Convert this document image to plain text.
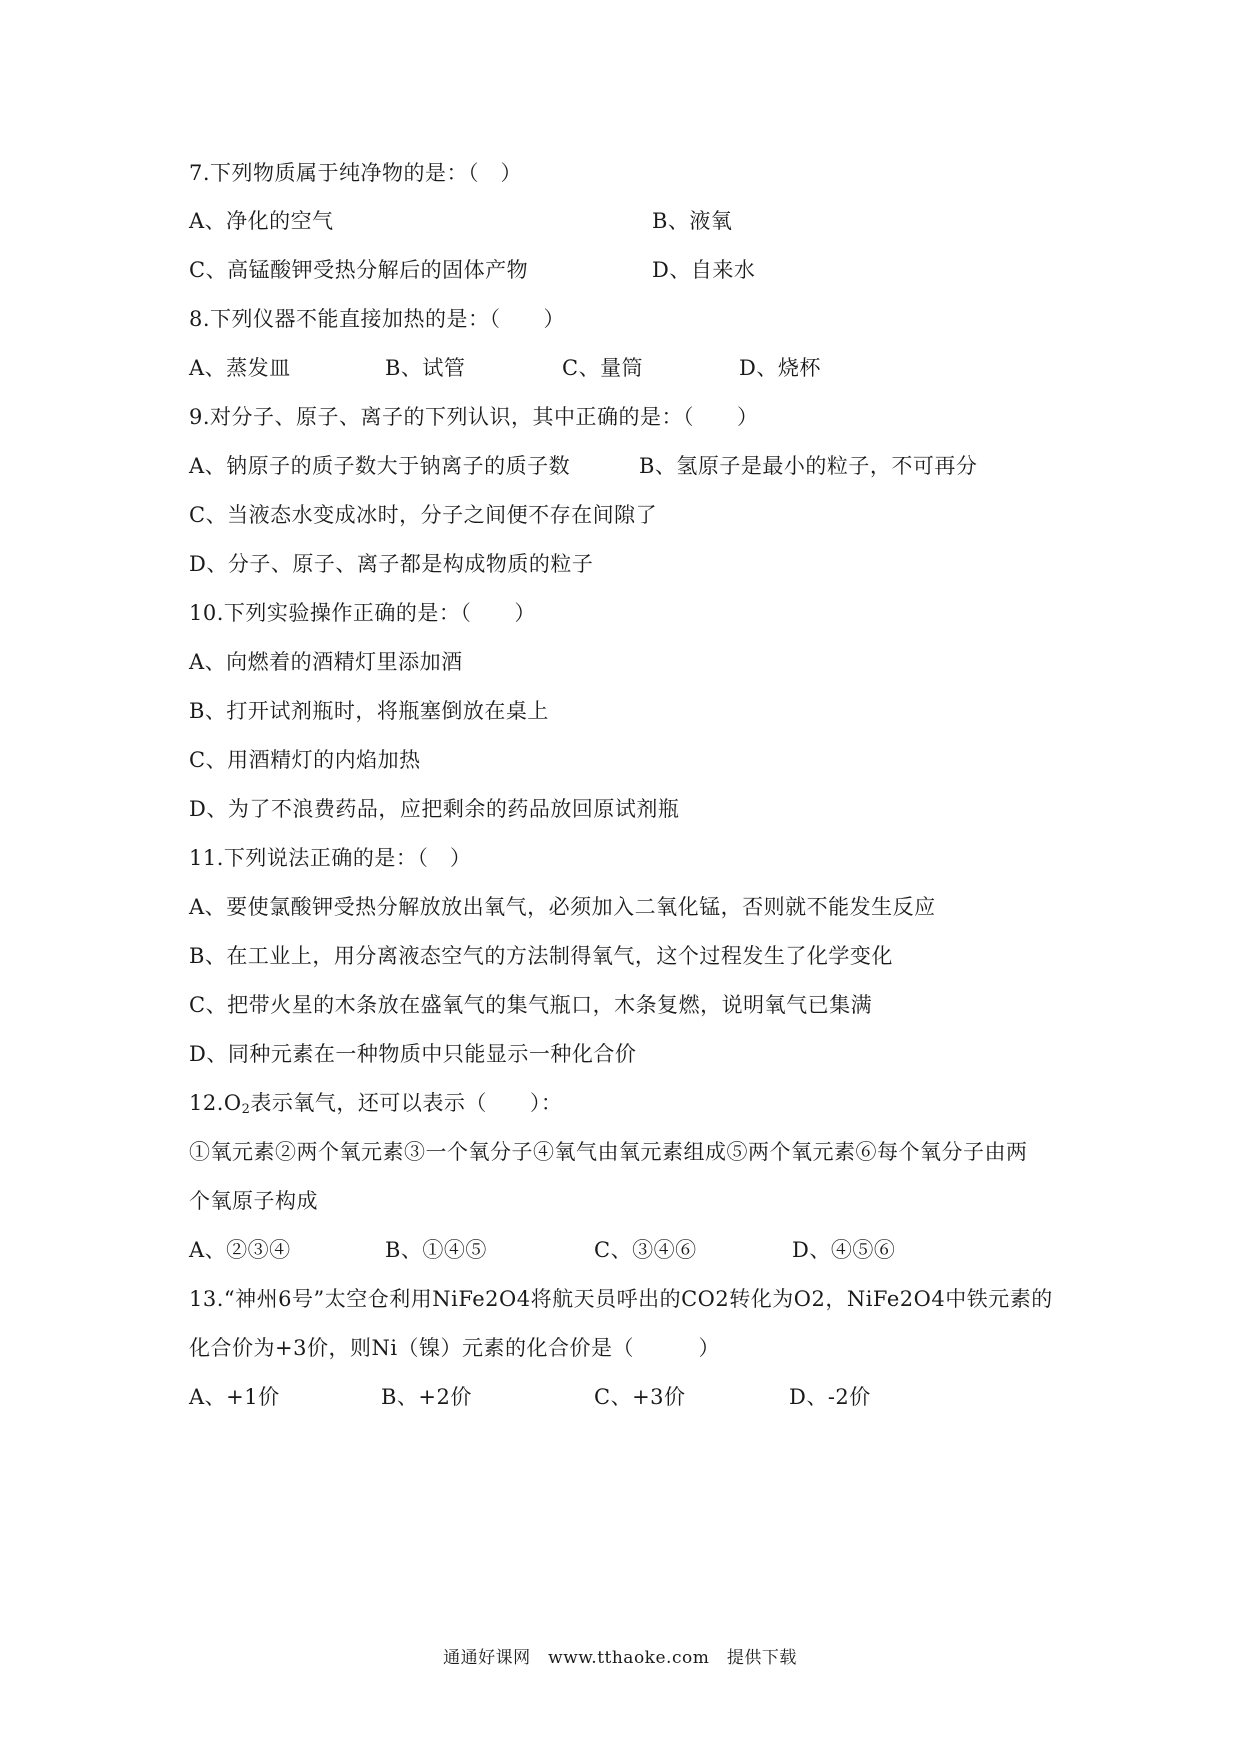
7.下列物质属于纯净物的是：（　）
A、净化的空气	B、液氧
C、高锰酸钾受热分解后的固体产物	D、自来水
8.下列仪器不能直接加热的是：（　　）
A、蒸发皿	B、试管	C、量筒	D、烧杯
9.对分子、原子、离子的下列认识，其中正确的是：（　　）
A、钠原子的质子数大于钠离子的质子数	B、氢原子是最小的粒子，不可再分
C、当液态水变成冰时，分子之间便不存在间隙了
D、分子、原子、离子都是构成物质的粒子
10.下列实验操作正确的是：（　　）
A、向燃着的酒精灯里添加酒
B、打开试剂瓶时，将瓶塞倒放在桌上
C、用酒精灯的内焰加热
D、为了不浪费药品，应把剩余的药品放回原试剂瓶
11.下列说法正确的是：（　）
A、要使氯酸钾受热分解放放出氧气，必须加入二氧化锰，否则就不能发生反应
B、在工业上，用分离液态空气的方法制得氧气，这个过程发生了化学变化
C、把带火星的木条放在盛氧气的集气瓶口，木条复燃，说明氧气已集满
D、同种元素在一种物质中只能显示一种化合价
$12.O_2$表示氧气，还可以表示（　　）：
①氧元素②两个氧元素③一个氧分子④氧气由氧元素组成⑤两个氧元素⑥每个氧分子由两
个氧原子构成
A、②③④	B、①④⑤	C、③④⑥	D、④⑤⑥
13.“神州6号”太空仓利用NiFe2O4将航天员呼出的CO2转化为O2，NiFe2O4中铁元素的
化合价为+3价，则Ni（镍）元素的化合价是（　　　）
A、+1价	B、+2价	C、+3价	D、-2价
通通好课网　www.tthaoke.com　提供下载
